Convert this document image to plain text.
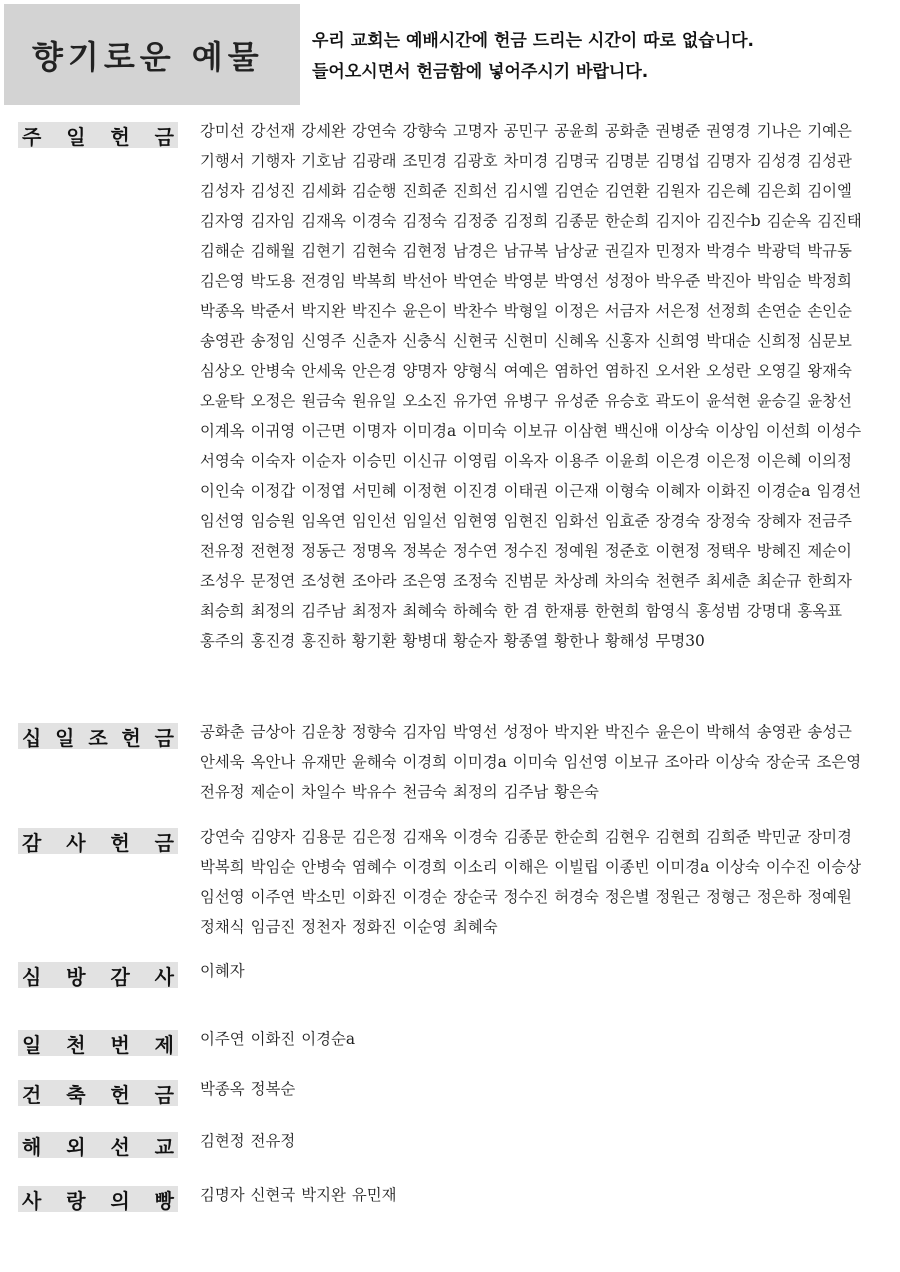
향기로운 예물	우리 교회는 예배시간에 헌금 드리는 시간이 따로 없습니다.
들어오시면서 헌금함에 넣어주시기 바랍니다.
주 일 헌 금 강미선 강선재 강세완 강연숙 강향숙 고명자 공민구 공윤희 공화춘 권병준 권영경 기나은 기예은
기행서 기행자 기호남 김광래 조민경 김광호 차미경 김명국 김명분 김명섭 김명자 김성경 김성관
김성자 김성진 김세화 김순행 진희준 진희선 김시엘 김연순 김연환 김원자 김은혜 김은회 김이엘
김자영 김자임 김재옥 이경숙 김정숙 김정중 김정희 김종문 한순희 김지아 김진수b 김순옥 김진태
김해순 김해월 김현기 김현숙 김현정 남경은 남규복 남상균 권길자 민정자 박경수 박광덕 박규동
김은영 박도용 전경임 박복희 박선아 박연순 박영분 박영선 성정아 박우준 박진아 박임순 박정희
박종옥 박준서 박지완 박진수 윤은이 박찬수 박형일 이정은 서금자 서은정 선정희 손연순 손인순
송영관 송정임 신영주 신춘자 신충식 신현국 신현미 신혜옥 신홍자 신희영 박대순 신희정 심문보
심상오 안병숙 안세욱 안은경 양명자 양형식 여예은 염하언 염하진 오서완 오성란 오영길 왕재숙
오윤탁 오정은 원금숙 원유일 오소진 유가연 유병구 유성준 유승호 곽도이 윤석현 윤승길 윤창선
이계옥 이귀영 이근면 이명자 이미경a 이미숙 이보규 이삼현 백신애 이상숙 이상임 이선희 이성수
서영숙 이숙자 이순자 이승민 이신규 이영림 이옥자 이용주 이윤희 이은경 이은정 이은혜 이의정
이인숙 이정갑 이정엽 서민혜 이정현 이진경 이태권 이근재 이형숙 이혜자 이화진 이경순a 임경선
임선영 임승원 임옥연 임인선 임일선 임현영 임현진 임화선 임효준 장경숙 장정숙 장혜자 전금주
전유정 전현정 정동근 정명옥 정복순 정수연 정수진 정예원 정준호 이현정 정택우 방혜진 제순이
조성우 문정연 조성현 조아라 조은영 조정숙 진범문 차상례 차의숙 천현주 최세춘 최순규 한희자
최승희 최정의 김주남 최정자 최혜숙 하혜숙 한 겸 한재룡 한현희 함영식 홍성범 강명대 홍옥표
홍주의 홍진경 홍진하 황기환 황병대 황순자 황종열 황한나 황해성 무명30
십 일 조 헌 금 공화춘 금상아 김운창 정향숙 김자임 박영선 성정아 박지완 박진수 윤은이 박해석 송영관 송성근
안세욱 옥안나 유재만 윤해숙 이경희 이미경a 이미숙 임선영 이보규 조아라 이상숙 장순국 조은영
전유정 제순이 차일수 박유수 천금숙 최정의 김주남 황은숙
감 사 헌 금 강연숙 김양자 김용문 김은정 김재옥 이경숙 김종문 한순희 김현우 김현희 김희준 박민균 장미경
박복희 박임순 안병숙 염혜수 이경희 이소리 이해은 이빌립 이종빈 이미경a 이상숙 이수진 이승상
임선영 이주연 박소민 이화진 이경순 장순국 정수진 허경숙 정은별 정원근 정형근 정은하 정예원
정채식 임금진 정천자 정화진 이순영 최혜숙
심 방 감 사 이혜자
일 천 번 제 이주연 이화진 이경순a
건 축 헌 금 박종옥 정복순
해 외 선 교 김현정 전유정
사 랑 의 빵 김명자 신현국 박지완 유민재
